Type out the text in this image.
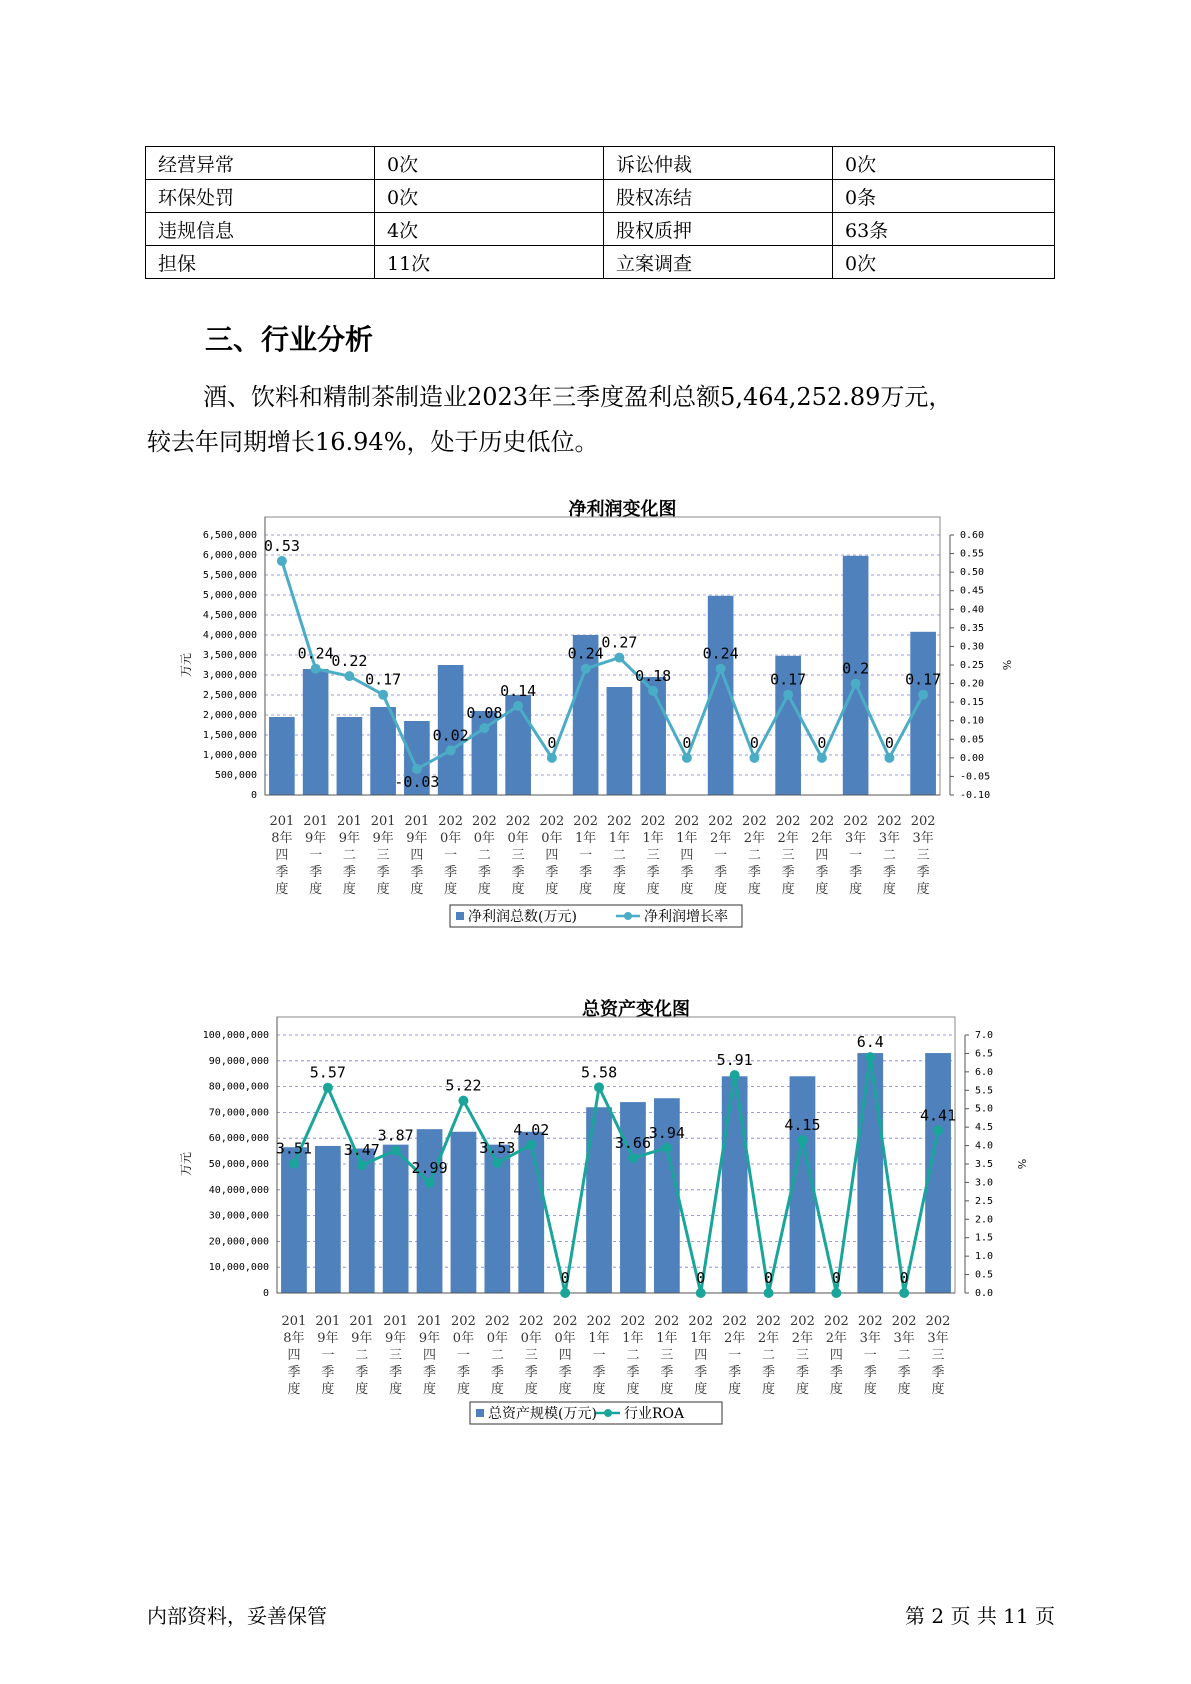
经营异常	0次	诉讼仲裁	0次
环保处罚	0次	股权冻结	0条
违规信息	4次	股权质押	63条
担保	11次	立案调查	0次
三、行业分析

酒、饮料和精制茶制造业2023年三季度盈利总额5,464,252.89万元，
较去年同期增长16.94%，处于历史低位。

净利润变化图
0
500,000
1,000,000
1,500,000
2,000,000
2,500,000
3,000,000
3,500,000
4,000,000
4,500,000
5,000,000
5,500,000
6,000,000
6,500,000
-0.10
-0.05
0.00
0.05
0.10
0.15
0.20
0.25
0.30
0.35
0.40
0.45
0.50
0.55
0.60
万元	%
0.53
0.24
0.22
0.17
-0.03
0.02
0.08
0.14
0
0.24
0.27
0.18
0
0.24
0
0.17
0
0.2
0
0.17
201
8年
四
季
度
201
9年
一
季
度
201
9年
二
季
度
201
9年
三
季
度
201
9年
四
季
度
202
0年
一
季
度
202
0年
二
季
度
202
0年
三
季
度
202
0年
四
季
度
202
1年
一
季
度
202
1年
二
季
度
202
1年
三
季
度
202
1年
四
季
度
202
2年
一
季
度
202
2年
二
季
度
202
2年
三
季
度
202
2年
四
季
度
202
3年
一
季
度
202
3年
二
季
度
202
3年
三
季
度
净利润总数(万元)	净利润增长率
总资产变化图
0
10,000,000
20,000,000
30,000,000
40,000,000
50,000,000
60,000,000
70,000,000
80,000,000
90,000,000
100,000,000
0.0
0.5
1.0
1.5
2.0
2.5
3.0
3.5
4.0
4.5
5.0
5.5
6.0
6.5
7.0
万元	%
3.51
5.57
3.47
3.87
2.99
5.22
3.53
4.02
0
5.58
3.66
3.94
0
5.91
0
4.15
0
6.4
0
4.41
201
8年
四
季
度
201
9年
一
季
度
201
9年
二
季
度
201
9年
三
季
度
201
9年
四
季
度
202
0年
一
季
度
202
0年
二
季
度
202
0年
三
季
度
202
0年
四
季
度
202
1年
一
季
度
202
1年
二
季
度
202
1年
三
季
度
202
1年
四
季
度
202
2年
一
季
度
202
2年
二
季
度
202
2年
三
季
度
202
2年
四
季
度
202
3年
一
季
度
202
3年
二
季
度
202
3年
三
季
度
总资产规模(万元) 行业ROA
内部资料，妥善保管	第 2 页 共 11 页
